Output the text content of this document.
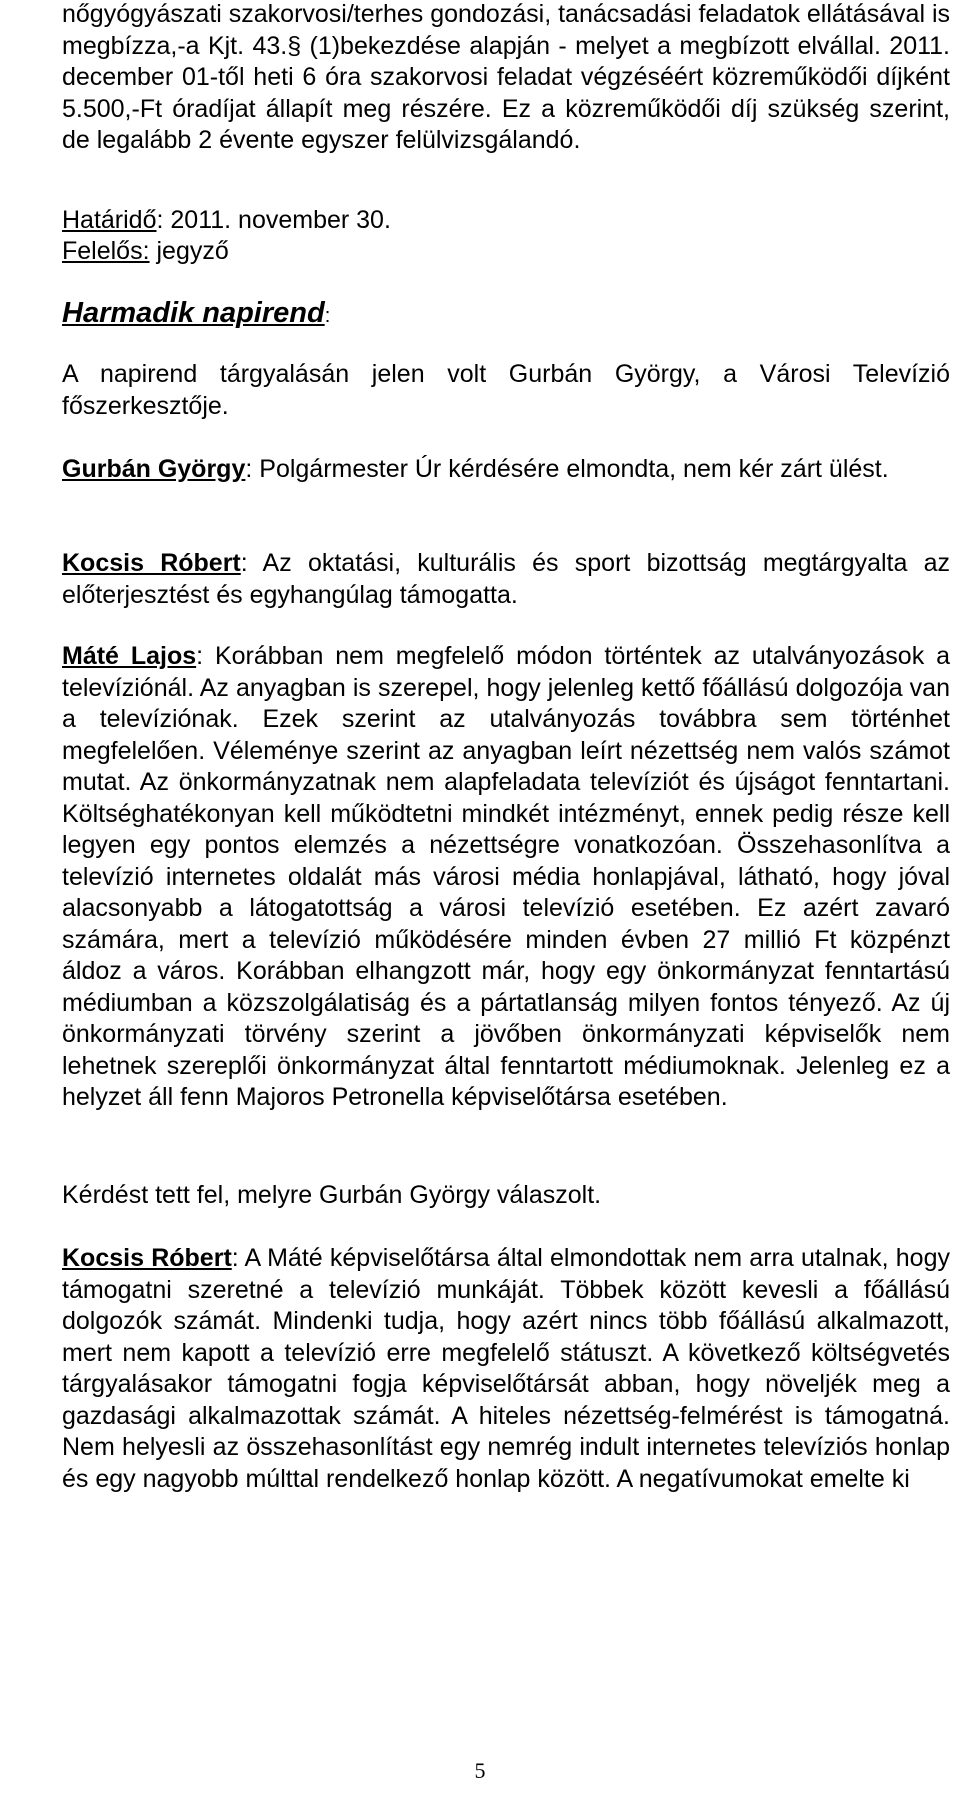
nőgyógyászati szakorvosi/terhes gondozási, tanácsadási feladatok ellátásával is megbízza,-a Kjt. 43.§ (1)bekezdése alapján - melyet a megbízott elvállal. 2011. december 01-től heti 6 óra szakorvosi feladat végzéséért közreműködői díjként 5.500,-Ft óradíjat állapít meg részére. Ez a közreműködői díj szükség szerint, de legalább 2 évente egyszer felülvizsgálandó.

Határidő: 2011. november 30.

Felelős: jegyző

Harmadik napirend:

A napirend tárgyalásán jelen volt Gurbán György, a Városi Televízió főszerkesztője.

Gurbán György: Polgármester Úr kérdésére elmondta, nem kér zárt ülést.

Kocsis Róbert: Az oktatási, kulturális és sport bizottság megtárgyalta az előterjesztést és egyhangúlag támogatta.

Máté Lajos: Korábban nem megfelelő módon történtek az utalványozások a televíziónál. Az anyagban is szerepel, hogy jelenleg kettő főállású dolgozója van a televíziónak. Ezek szerint az utalványozás továbbra sem történhet megfelelően. Véleménye szerint az anyagban leírt nézettség nem valós számot mutat. Az önkormányzatnak nem alapfeladata televíziót és újságot fenntartani. Költséghatékonyan kell működtetni mindkét intézményt, ennek pedig része kell legyen egy pontos elemzés a nézettségre vonatkozóan. Összehasonlítva a televízió internetes oldalát más városi média honlapjával, látható, hogy jóval alacsonyabb a látogatottság a városi televízió esetében. Ez azért zavaró számára, mert a televízió működésére minden évben 27 millió Ft közpénzt áldoz a város. Korábban elhangzott már, hogy egy önkormányzat fenntartású médiumban a közszolgálatiság és a pártatlanság milyen fontos tényező. Az új önkormányzati törvény szerint a jövőben önkormányzati képviselők nem lehetnek szereplői önkormányzat által fenntartott médiumoknak. Jelenleg ez a helyzet áll fenn Majoros Petronella képviselőtársa esetében.

Kérdést tett fel, melyre Gurbán György válaszolt.

Kocsis Róbert: A Máté képviselőtársa által elmondottak nem arra utalnak, hogy támogatni szeretné a televízió munkáját. Többek között kevesli a főállású dolgozók számát. Mindenki tudja, hogy azért nincs több főállású alkalmazott, mert nem kapott a televízió erre megfelelő státuszt. A következő költségvetés tárgyalásakor támogatni fogja képviselőtársát abban, hogy növeljék meg a gazdasági alkalmazottak számát. A hiteles nézettség-felmérést is támogatná. Nem helyesli az összehasonlítást egy nemrég indult internetes televíziós honlap és egy nagyobb múlttal rendelkező honlap között. A negatívumokat emelte ki

5
